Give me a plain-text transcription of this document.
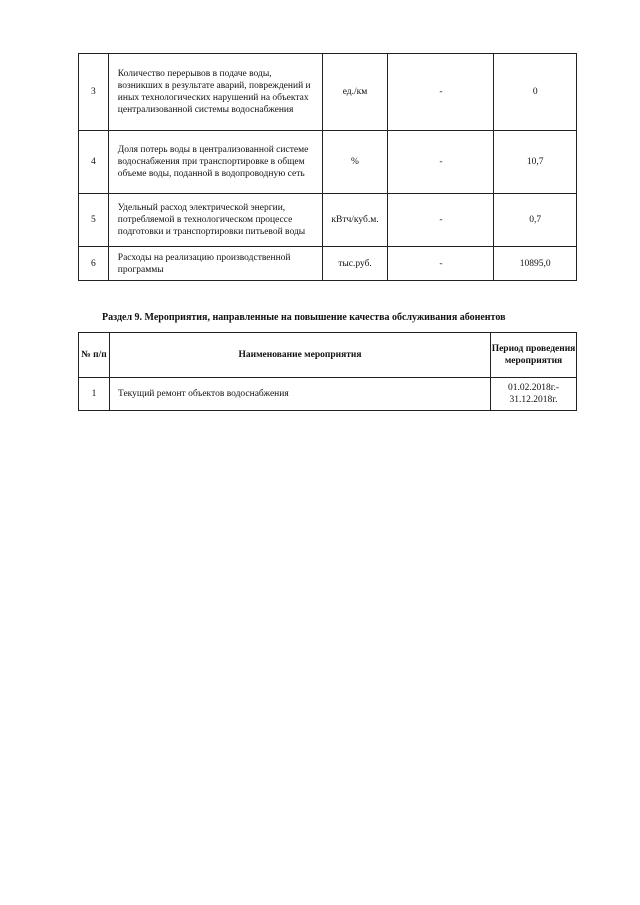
3	Количество перерывов в подаче воды, возникших в результате аварий, повреждений и иных технологических нарушений на объектах централизованной системы водоснабжения	ед./км	-	0
4	Доля потерь воды в централизованной системе водоснабжения при транспортировке в общем объеме воды, поданной в водопроводную сеть	%	-	10,7
5	Удельный расход электрической энергии, потребляемой в технологическом процессе подготовки и транспортировки питьевой воды	кВтч/куб.м.	-	0,7
6	Расходы на реализацию производственной программы	тыс.руб.	-	10895,0
Раздел 9. Мероприятия, направленные на повышение качества обслуживания абонентов
№ п/п	Наименование мероприятия	Период проведения мероприятия
1	Текущий ремонт объектов водоснабжения	01.02.2018г.- 31.12.2018г.
